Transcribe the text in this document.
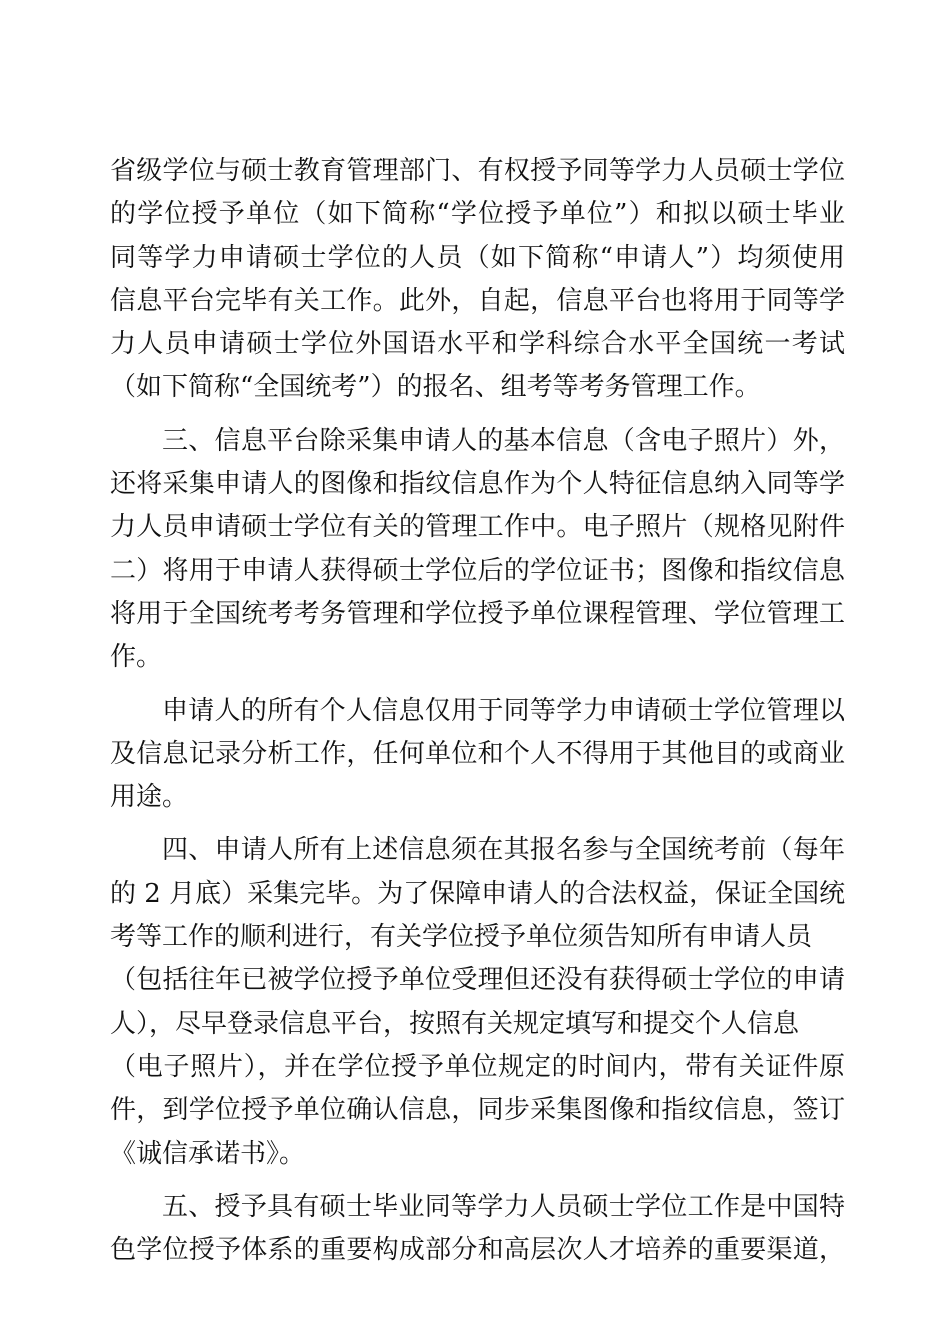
省级学位与硕士教育管理部门、有权授予同等学力人员硕士学位
的学位授予单位（如下简称“学位授予单位”）和拟以硕士毕业
同等学力申请硕士学位的人员（如下简称“申请人”）均须使用
信息平台完毕有关工作。此外，自起，信息平台也将用于同等学
力人员申请硕士学位外国语水平和学科综合水平全国统一考试
（如下简称“全国统考”）的报名、组考等考务管理工作。
三、信息平台除采集申请人的基本信息（含电子照片）外，
还将采集申请人的图像和指纹信息作为个人特征信息纳入同等学
力人员申请硕士学位有关的管理工作中。电子照片（规格见附件
二）将用于申请人获得硕士学位后的学位证书；图像和指纹信息
将用于全国统考考务管理和学位授予单位课程管理、学位管理工
作。
申请人的所有个人信息仅用于同等学力申请硕士学位管理以
及信息记录分析工作，任何单位和个人不得用于其他目的或商业
用途。
四、申请人所有上述信息须在其报名参与全国统考前（每年
的 2 月底）采集完毕。为了保障申请人的合法权益，保证全国统
考等工作的顺利进行，有关学位授予单位须告知所有申请人员
（包括往年已被学位授予单位受理但还没有获得硕士学位的申请
人），尽早登录信息平台，按照有关规定填写和提交个人信息
（电子照片），并在学位授予单位规定的时间内，带有关证件原
件，到学位授予单位确认信息，同步采集图像和指纹信息，签订
《诚信承诺书》。
五、授予具有硕士毕业同等学力人员硕士学位工作是中国特
色学位授予体系的重要构成部分和高层次人才培养的重要渠道，
